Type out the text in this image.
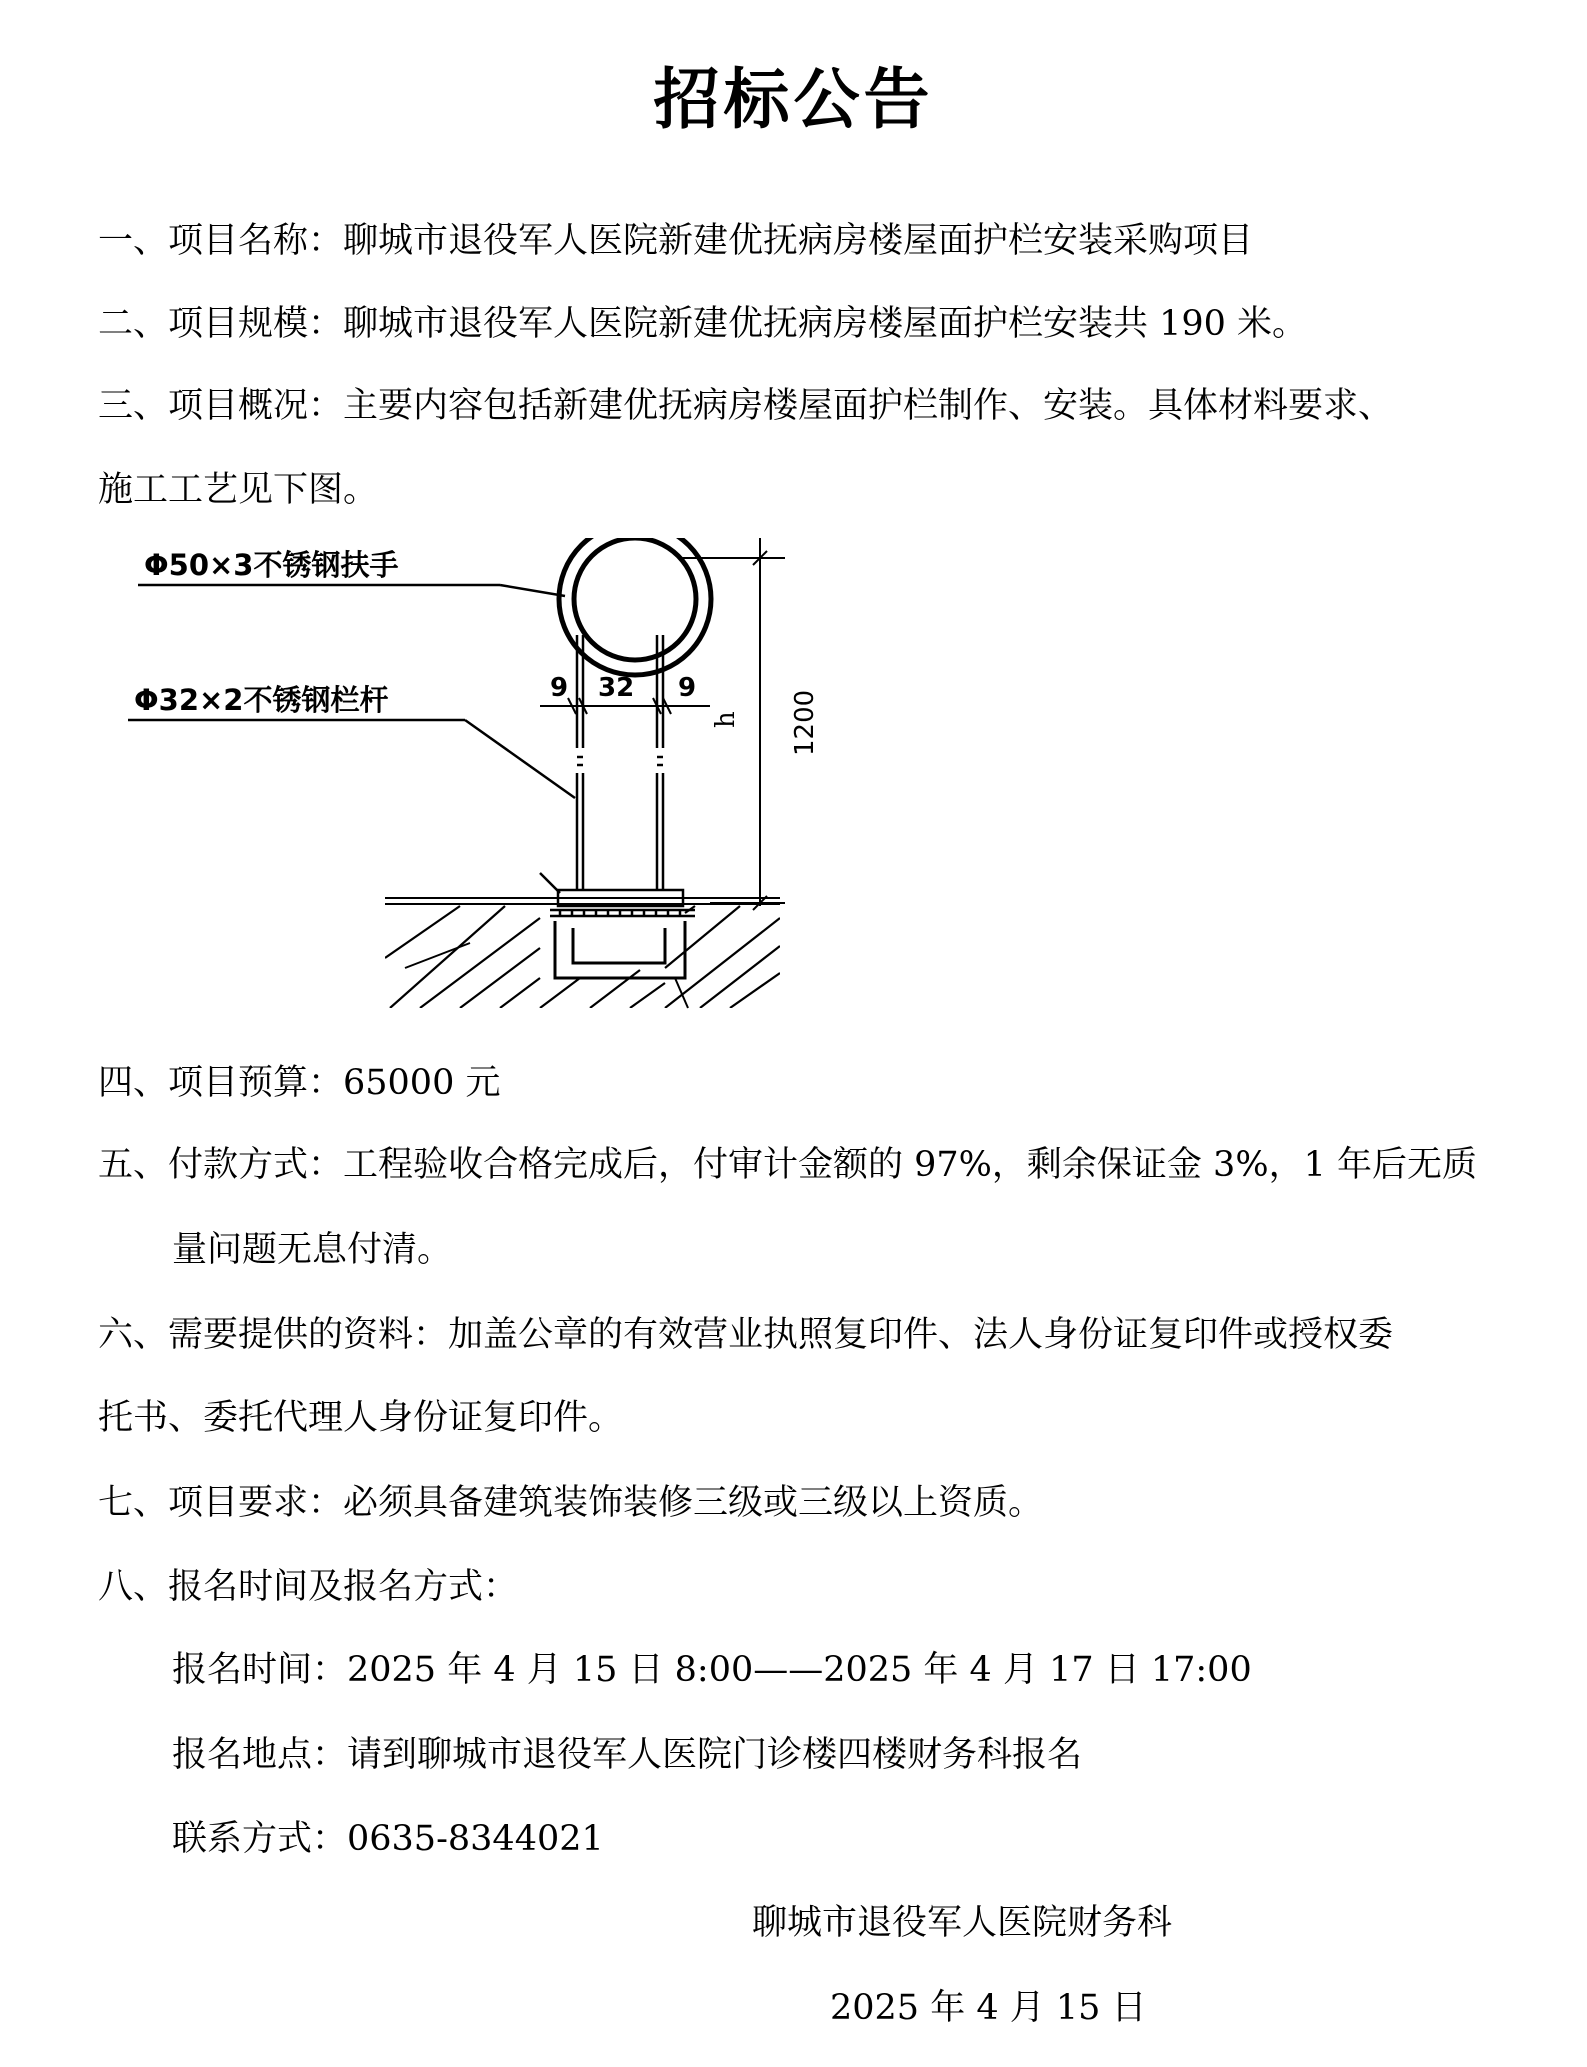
招标公告
一、项目名称：聊城市退役军人医院新建优抚病房楼屋面护栏安装采购项目
二、项目规模：聊城市退役军人医院新建优抚病房楼屋面护栏安装共 190 米。
三、项目概况：主要内容包括新建优抚病房楼屋面护栏制作、安装。具体材料要求、
施工工艺见下图。
Φ50×3不锈钢扶手
9 32 9
Φ32×2不锈钢栏杆
h 1200
四、项目预算：65000 元
五、付款方式：工程验收合格完成后，付审计金额的 97%，剩余保证金 3%，1 年后无质
量问题无息付清。
六、需要提供的资料：加盖公章的有效营业执照复印件、法人身份证复印件或授权委
托书、委托代理人身份证复印件。
七、项目要求：必须具备建筑装饰装修三级或三级以上资质。
八、报名时间及报名方式：
报名时间：2025 年 4 月 15 日 8:00——2025 年 4 月 17 日 17:00
报名地点：请到聊城市退役军人医院门诊楼四楼财务科报名
联系方式：0635-8344021
聊城市退役军人医院财务科
2025 年 4 月 15 日
